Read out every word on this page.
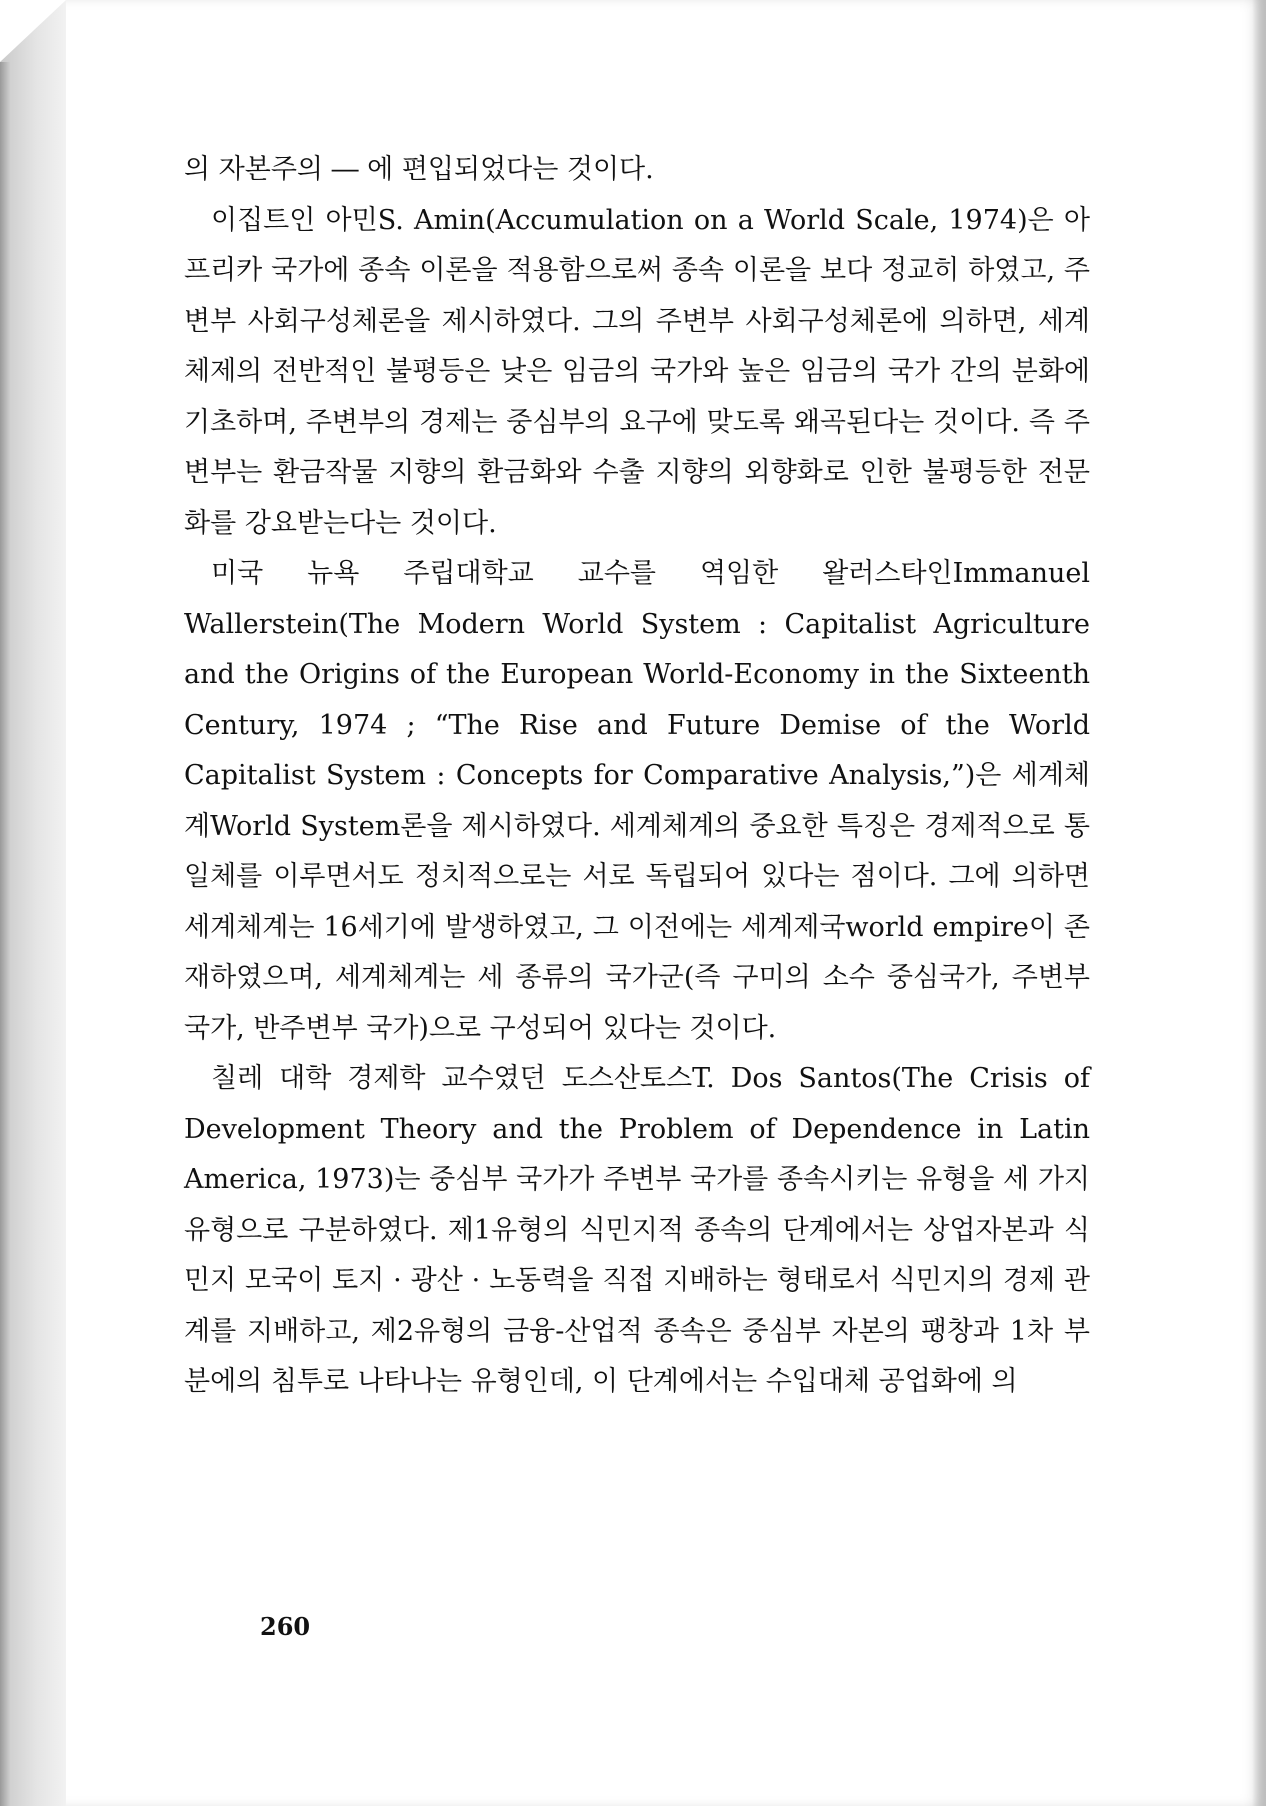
의 자본주의 ― 에 편입되었다는 것이다.

이집트인 아민S. Amin(Accumulation on a World Scale, 1974)은 아프리카 국가에 종속 이론을 적용함으로써 종속 이론을 보다 정교히 하였고, 주변부 사회구성체론을 제시하였다. 그의 주변부 사회구성체론에 의하면, 세계체제의 전반적인 불평등은 낮은 임금의 국가와 높은 임금의 국가 간의 분화에 기초하며, 주변부의 경제는 중심부의 요구에 맞도록 왜곡된다는 것이다. 즉 주변부는 환금작물 지향의 환금화와 수출 지향의 외향화로 인한 불평등한 전문화를 강요받는다는 것이다.

미국 뉴욕 주립대학교 교수를 역임한 왈러스타인Immanuel Wallerstein(The Modern World System : Capitalist Agriculture and the Origins of the European World-Economy in the Sixteenth Century, 1974 ; “The Rise and Future Demise of the World Capitalist System : Concepts for Comparative Analysis,”)은 세계체계World System론을 제시하였다. 세계체계의 중요한 특징은 경제적으로 통일체를 이루면서도 정치적으로는 서로 독립되어 있다는 점이다. 그에 의하면 세계체계는 16세기에 발생하였고, 그 이전에는 세계제국world empire이 존재하였으며, 세계체계는 세 종류의 국가군(즉 구미의 소수 중심국가, 주변부 국가, 반주변부 국가)으로 구성되어 있다는 것이다.

칠레 대학 경제학 교수였던 도스산토스T. Dos Santos(The Crisis of Development Theory and the Problem of Dependence in Latin America, 1973)는 중심부 국가가 주변부 국가를 종속시키는 유형을 세 가지 유형으로 구분하였다. 제1유형의 식민지적 종속의 단계에서는 상업자본과 식민지 모국이 토지 · 광산 · 노동력을 직접 지배하는 형태로서 식민지의 경제 관계를 지배하고, 제2유형의 금융-산업적 종속은 중심부 자본의 팽창과 1차 부분에의 침투로 나타나는 유형인데, 이 단계에서는 수입대체 공업화에 의

260
